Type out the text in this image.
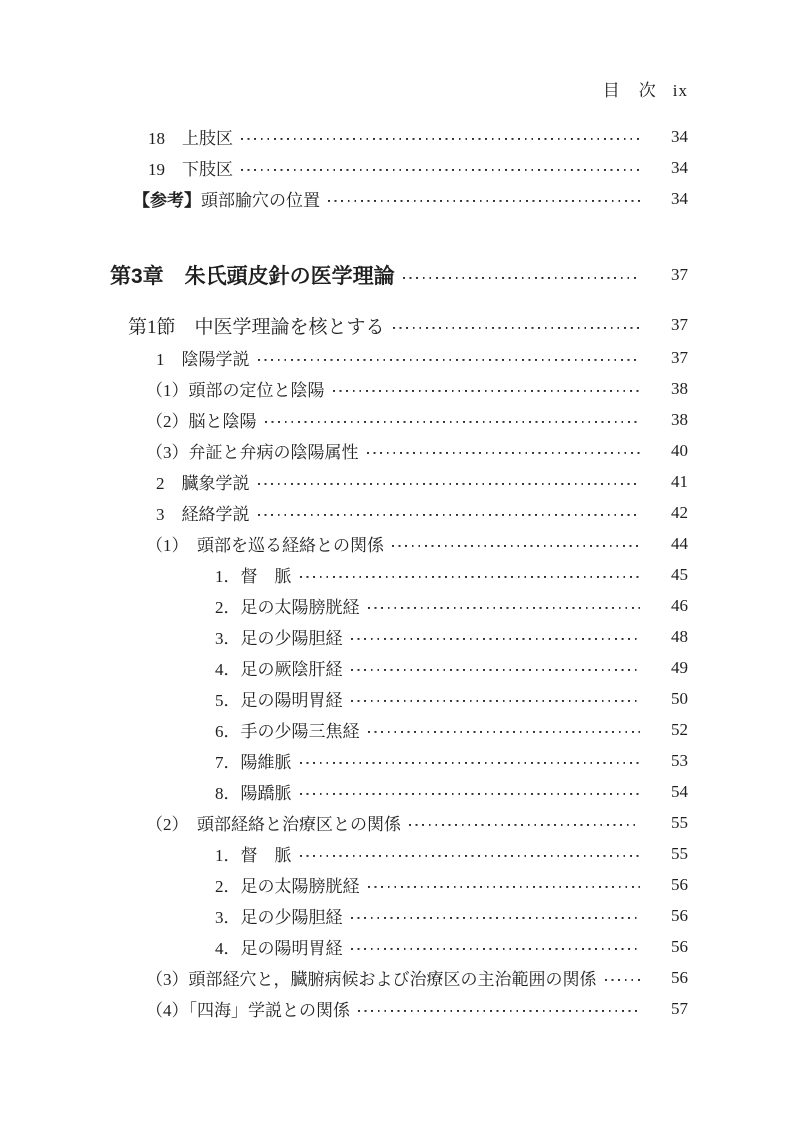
目　次 ix
18　上肢区	34
19　下肢区	34
【参考】頭部腧穴の位置	34
第3章　朱氏頭皮針の医学理論	37
第1節　中医学理論を核とする	37
1　陰陽学説	37
（1）頭部の定位と陰陽	38
（2）脳と陰陽	38
（3）弁証と弁病の陰陽属性	40
2　臓象学説	41
3　経絡学説	42
（1）　頭部を巡る経絡との関係	44
1．督　脈	45
2．足の太陽膀胱経	46
3．足の少陽胆経	48
4．足の厥陰肝経	49
5．足の陽明胃経	50
6．手の少陽三焦経	52
7．陽維脈	53
8．陽蹻脈	54
（2）　頭部経絡と治療区との関係	55
1．督　脈	55
2．足の太陽膀胱経	56
3．足の少陽胆経	56
4．足の陽明胃経	56
（3）頭部経穴と，臓腑病候および治療区の主治範囲の関係	56
（4）「四海」学説との関係	57
